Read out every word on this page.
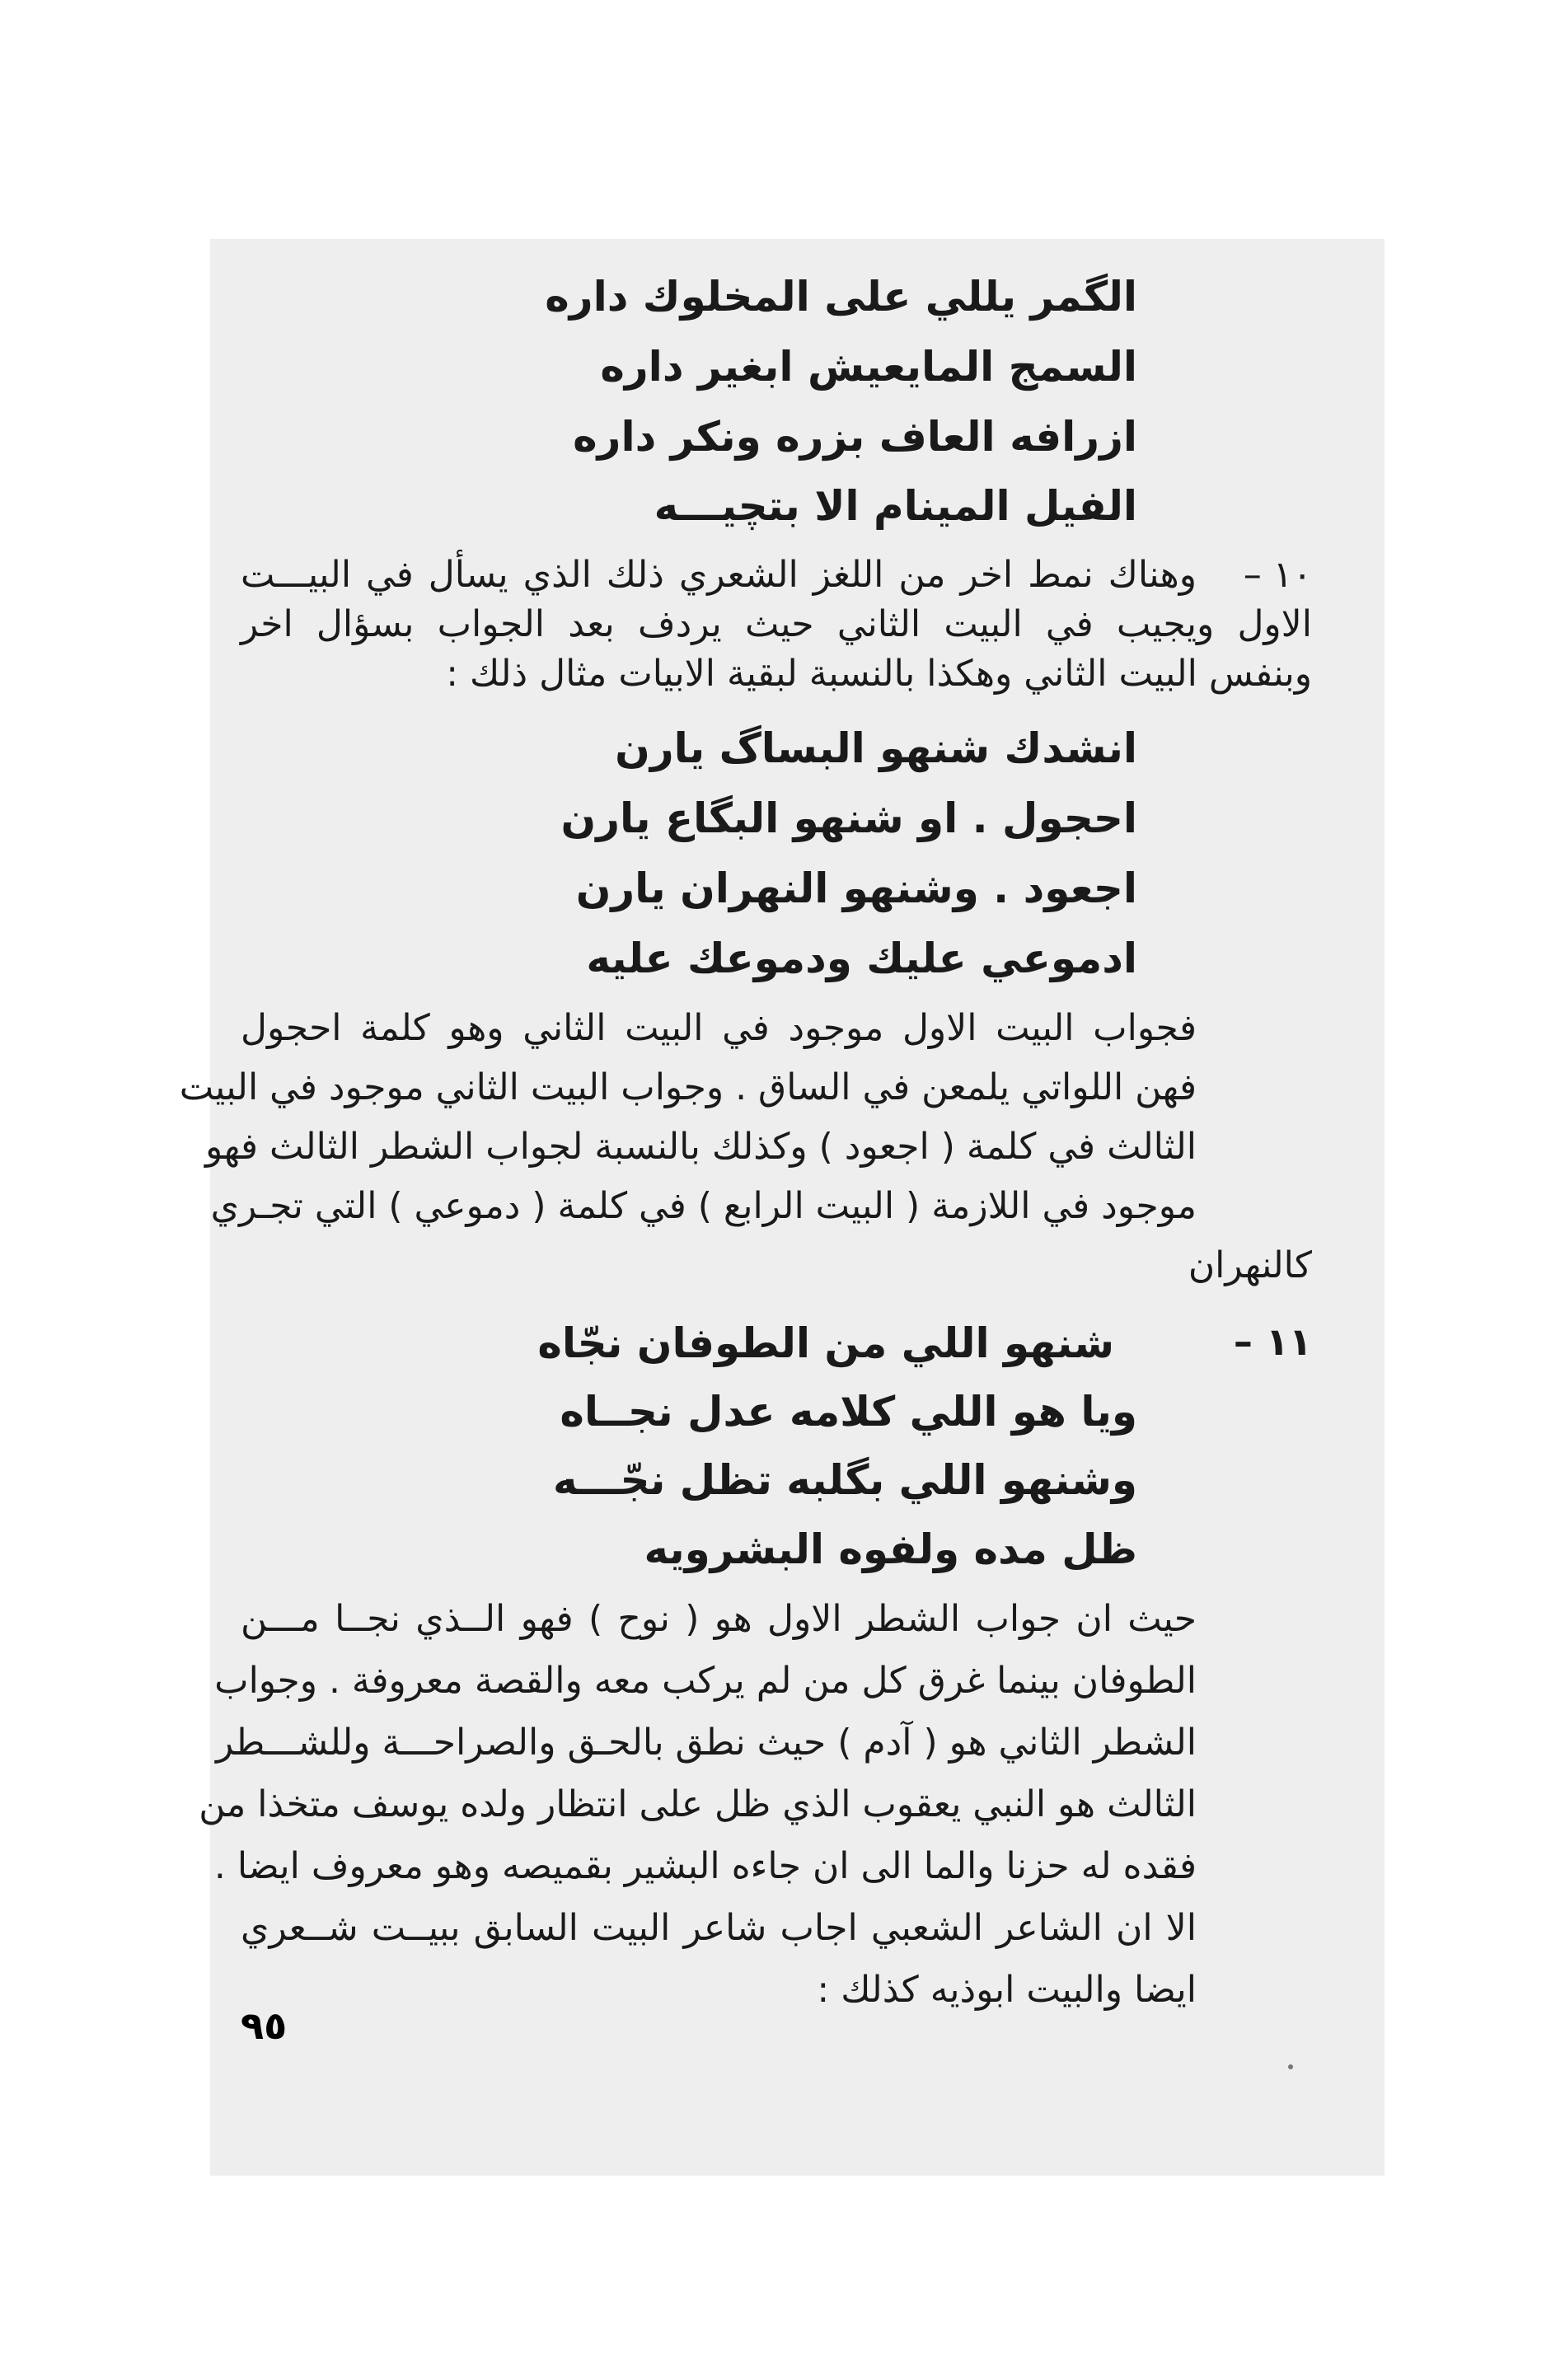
الگمر يللي على المخلوك داره
السمج المايعيش ابغير داره
ازرافه العاف بزره ونكر داره
الفيل المينام الا بتچيـــه
١٠ –
وهناك نمط اخر من اللغز الشعري ذلك الذي يسأل في البيـــت
الاول ويجيب في البيت الثاني حيث يردف بعد الجواب بسؤال اخر
وبنفس البيت الثاني وهكذا بالنسبة لبقية الابيات مثال ذلك :
انشدك شنهو البساگ يارن
احجول . او شنهو البگاع يارن
اجعود . وشنهو النهران يارن
ادموعي عليك ودموعك عليه
فجواب البيت الاول موجود في البيت الثاني وهو كلمة احجول
فهن اللواتي يلمعن في الساق . وجواب البيت الثاني موجود في البيت
الثالث في كلمة ( اجعود ) وكذلك بالنسبة لجواب الشطر الثالث فهو
موجود في اللازمة ( البيت الرابع ) في كلمة ( دموعي ) التي تجـري
كالنهران
١١ –
شنهو اللي من الطوفان نجّاه
ويا هو اللي كلامه عدل نجــاه
وشنهو اللي بگلبه تظل نجّـــه
ظل مده ولفوه البشرويه
حيث ان جواب الشطر الاول هو ( نوح ) فهو الــذي نجــا مـــن
الطوفان بينما غرق كل من لم يركب معه والقصة معروفة . وجواب
الشطر الثاني هو ( آدم ) حيث نطق بالحـق والصراحـــة وللشـــطر
الثالث هو النبي يعقوب الذي ظل على انتظار ولده يوسف متخذا من
فقده له حزنا والما الى ان جاءه البشير بقميصه وهو معروف ايضا .
الا ان الشاعر الشعبي اجاب شاعر البيت السابق ببيــت شــعري
ايضا والبيت ابوذيه كذلك :
٩٥
